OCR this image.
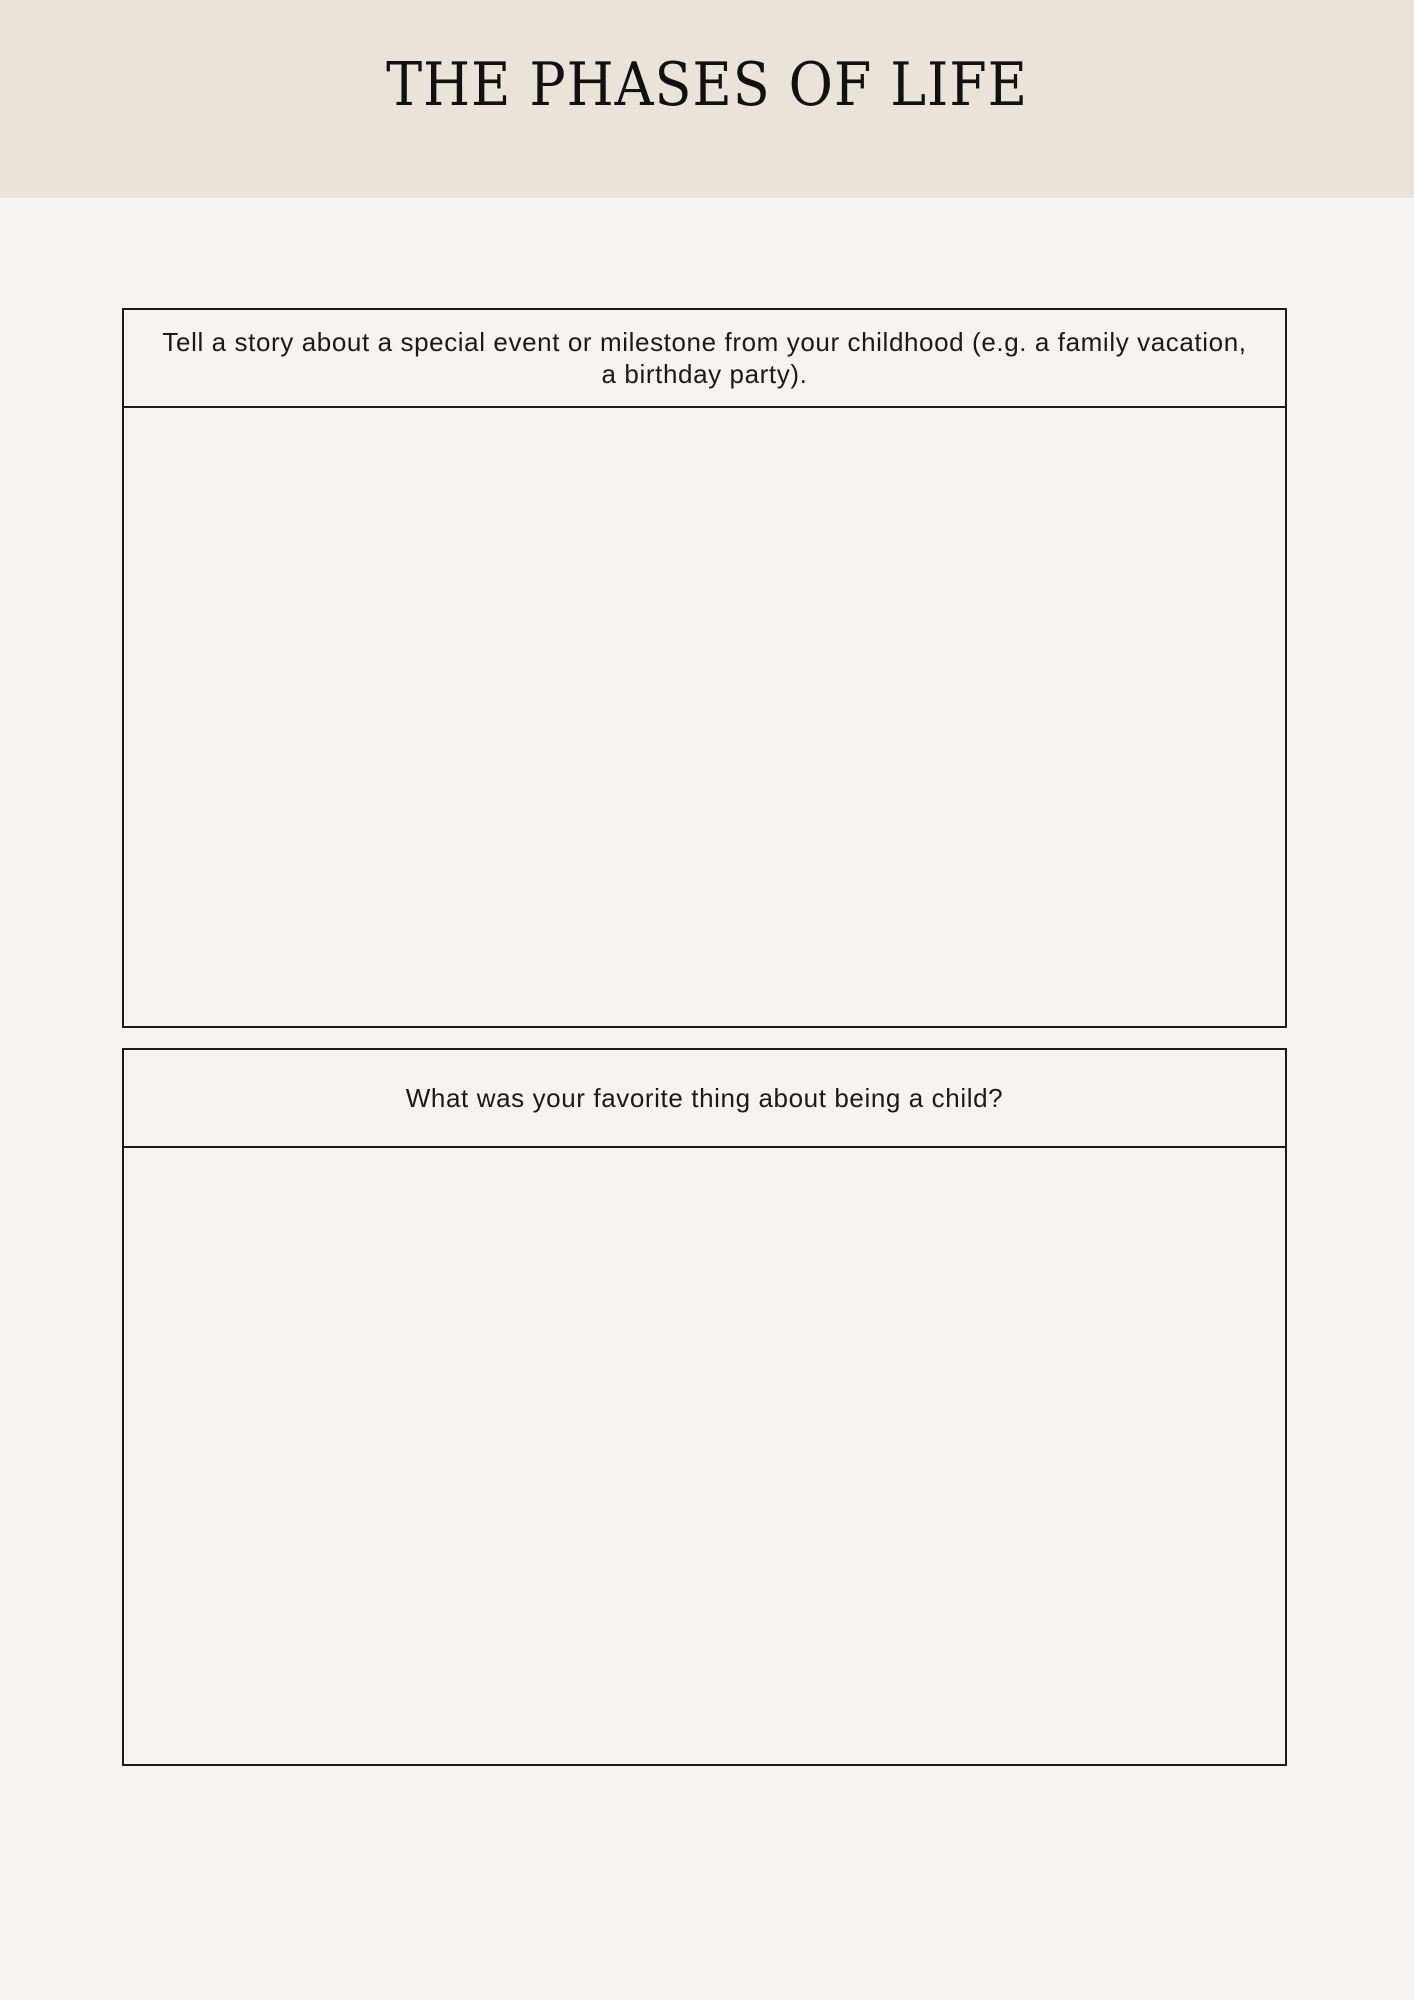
THE PHASES OF LIFE
Tell a story about a special event or milestone from your childhood (e.g. a family vacation, a birthday party).
What was your favorite thing about being a child?
